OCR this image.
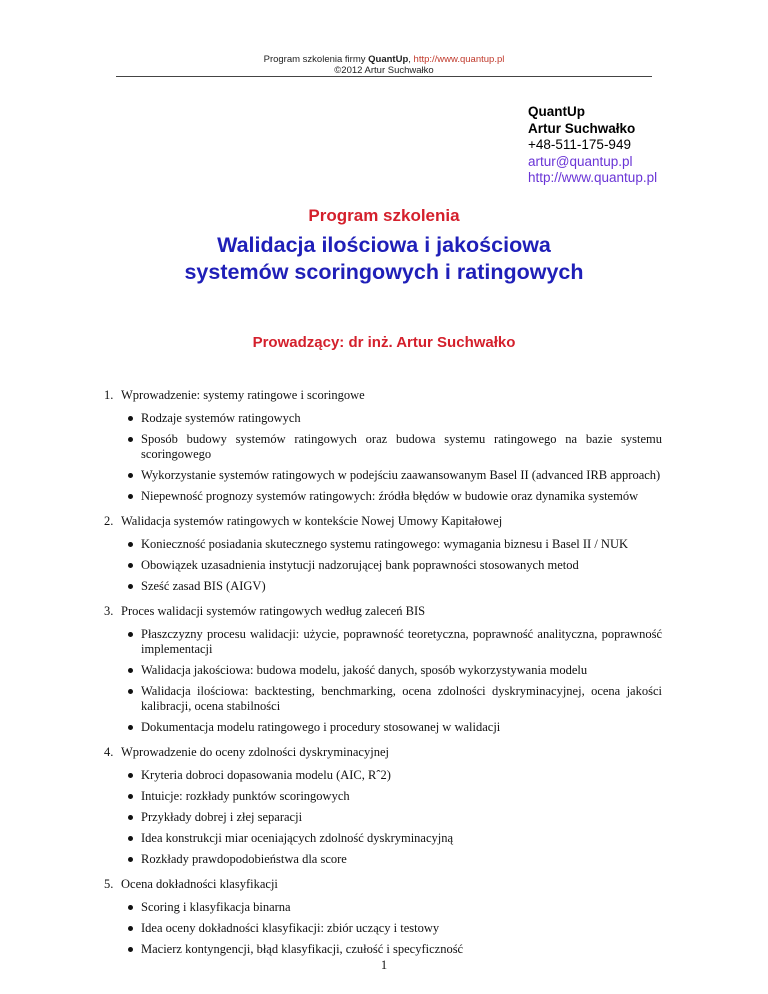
Program szkolenia firmy QuantUp, http://www.quantup.pl
©2012 Artur Suchwałko
QuantUp
Artur Suchwałko
+48-511-175-949
artur@quantup.pl
http://www.quantup.pl
Program szkolenia
Walidacja ilościowa i jakościowa
systemów scoringowych i ratingowych
Prowadzący: dr inż. Artur Suchwałko
1. Wprowadzenie: systemy ratingowe i scoringowe
Rodzaje systemów ratingowych
Sposób budowy systemów ratingowych oraz budowa systemu ratingowego na bazie systemu scoringowego
Wykorzystanie systemów ratingowych w podejściu zaawansowanym Basel II (advanced IRB approach)
Niepewność prognozy systemów ratingowych: źródła błędów w budowie oraz dynamika systemów
2. Walidacja systemów ratingowych w kontekście Nowej Umowy Kapitałowej
Konieczność posiadania skutecznego systemu ratingowego: wymagania biznesu i Basel II / NUK
Obowiązek uzasadnienia instytucji nadzorującej bank poprawności stosowanych metod
Sześć zasad BIS (AIGV)
3. Proces walidacji systemów ratingowych według zaleceń BIS
Płaszczyzny procesu walidacji: użycie, poprawność teoretyczna, poprawność analityczna, poprawność implementacji
Walidacja jakościowa: budowa modelu, jakość danych, sposób wykorzystywania modelu
Walidacja ilościowa: backtesting, benchmarking, ocena zdolności dyskryminacyjnej, ocena jakości kalibracji, ocena stabilności
Dokumentacja modelu ratingowego i procedury stosowanej w walidacji
4. Wprowadzenie do oceny zdolności dyskryminacyjnej
Kryteria dobroci dopasowania modelu (AIC, Rˆ2)
Intuicje: rozkłady punktów scoringowych
Przykłady dobrej i złej separacji
Idea konstrukcji miar oceniających zdolność dyskryminacyjną
Rozkłady prawdopodobieństwa dla score
5. Ocena dokładności klasyfikacji
Scoring i klasyfikacja binarna
Idea oceny dokładności klasyfikacji: zbiór uczący i testowy
Macierz kontyngencji, błąd klasyfikacji, czułość i specyficzność
1
